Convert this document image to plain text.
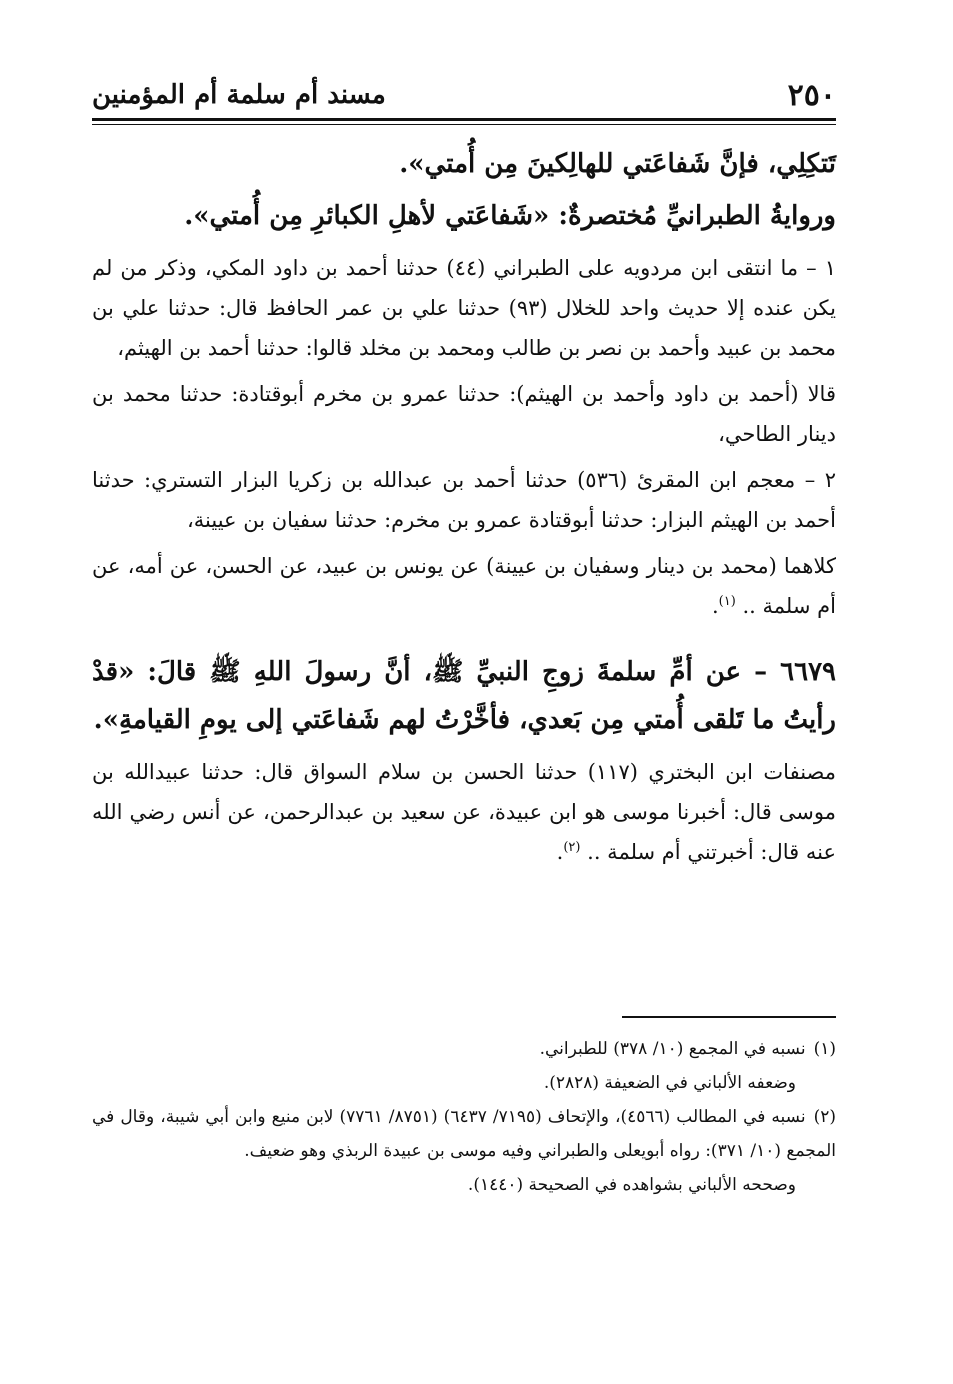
٢٥٠
مسند أم سلمة أم المؤمنين

تَتكِلِي، فإنَّ شَفاعَتي للهالِكينَ مِن أُمتي».

وروايةُ الطبرانيِّ مُختصرةٌ: «شَفاعَتي لأهلِ الكبائرِ مِن أُمتي».

١ – ما انتقى ابن مردويه على الطبراني (٤٤) حدثنا أحمد بن داود المكي، وذكر من لم يكن عنده إلا حديث واحد للخلال (٩٣) حدثنا علي بن عمر الحافظ قال: حدثنا علي بن محمد بن عبيد وأحمد بن نصر بن طالب ومحمد بن مخلد قالوا: حدثنا أحمد بن الهيثم،

قالا (أحمد بن داود وأحمد بن الهيثم): حدثنا عمرو بن مخرم أبوقتادة: حدثنا محمد بن دينار الطاحي،

٢ – معجم ابن المقرئ (٥٣٦) حدثنا أحمد بن عبدالله بن زكريا البزار التستري: حدثنا أحمد بن الهيثم البزار: حدثنا أبوقتادة عمرو بن مخرم: حدثنا سفيان بن عيينة،

كلاهما (محمد بن دينار وسفيان بن عيينة) عن يونس بن عبيد، عن الحسن، عن أمه، عن أم سلمة .. $^{(١)}$.

٦٦٧٩ – عن أمِّ سلمةَ زوجِ النبيِّ ﷺ، أنَّ رسولَ اللهِ ﷺ قالَ: «قدْ رأيتُ ما تَلقى أُمتي مِن بَعدي، فأخَّرْتُ لهم شَفاعَتي إلى يومِ القيامةِ».

مصنفات ابن البختري (١١٧) حدثنا الحسن بن سلام السواق قال: حدثنا عبيدالله بن موسى قال: أخبرنا موسى هو ابن عبيدة، عن سعيد بن عبدالرحمن، عن أنس رضي الله عنه قال: أخبرتني أم سلمة .. $^{(٢)}$.

(١)نسبه في المجمع (١٠/ ٣٧٨) للطبراني.

وضعفه الألباني في الضعيفة (٢٨٢٨).

(٢)نسبه في المطالب (٤٥٦٦)، والإتحاف (٧١٩٥/ ٦٤٣٧) (٨٧٥١/ ٧٧٦١) لابن منيع وابن أبي شيبة، وقال في المجمع (١٠/ ٣٧١): رواه أبويعلى والطبراني وفيه موسى بن عبيدة الربذي وهو ضعيف.

وصححه الألباني بشواهده في الصحيحة (١٤٤٠).
